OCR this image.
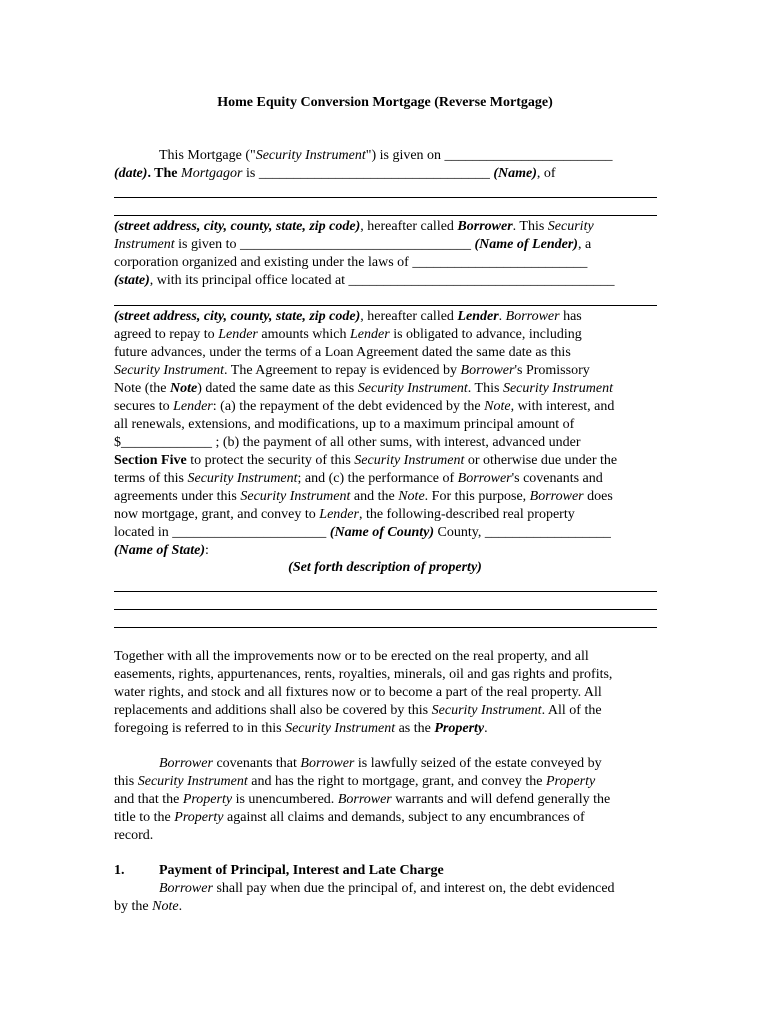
Home Equity Conversion Mortgage (Reverse Mortgage)
This Mortgage ("Security Instrument") is given on ________________________
(date). The Mortgagor is _________________________________ (Name), of
(street address, city, county, state, zip code), hereafter called Borrower. This Security
Instrument is given to _________________________________ (Name of Lender), a
corporation organized and existing under the laws of _________________________
(state), with its principal office located at ______________________________________
(street address, city, county, state, zip code), hereafter called Lender. Borrower has
agreed to repay to Lender amounts which Lender is obligated to advance, including
future advances, under the terms of a Loan Agreement dated the same date as this
Security Instrument. The Agreement to repay is evidenced by Borrower's Promissory
Note (the Note) dated the same date as this Security Instrument. This Security Instrument
secures to Lender: (a) the repayment of the debt evidenced by the Note, with interest, and
all renewals, extensions, and modifications, up to a maximum principal amount of
$_____________ ; (b) the payment of all other sums, with interest, advanced under
Section Five to protect the security of this Security Instrument or otherwise due under the
terms of this Security Instrument; and (c) the performance of Borrower's covenants and
agreements under this Security Instrument and the Note. For this purpose, Borrower does
now mortgage, grant, and convey to Lender, the following-described real property
located in ______________________ (Name of County) County, __________________
(Name of State):
(Set forth description of property)
Together with all the improvements now or to be erected on the real property, and all
easements, rights, appurtenances, rents, royalties, minerals, oil and gas rights and profits,
water rights, and stock and all fixtures now or to become a part of the real property. All
replacements and additions shall also be covered by this Security Instrument. All of the
foregoing is referred to in this Security Instrument as the Property.
Borrower covenants that Borrower is lawfully seized of the estate conveyed by
this Security Instrument and has the right to mortgage, grant, and convey the Property
and that the Property is unencumbered. Borrower warrants and will defend generally the
title to the Property against all claims and demands, subject to any encumbrances of
record.
1. Payment of Principal, Interest and Late Charge
Borrower shall pay when due the principal of, and interest on, the debt evidenced
by the Note.
